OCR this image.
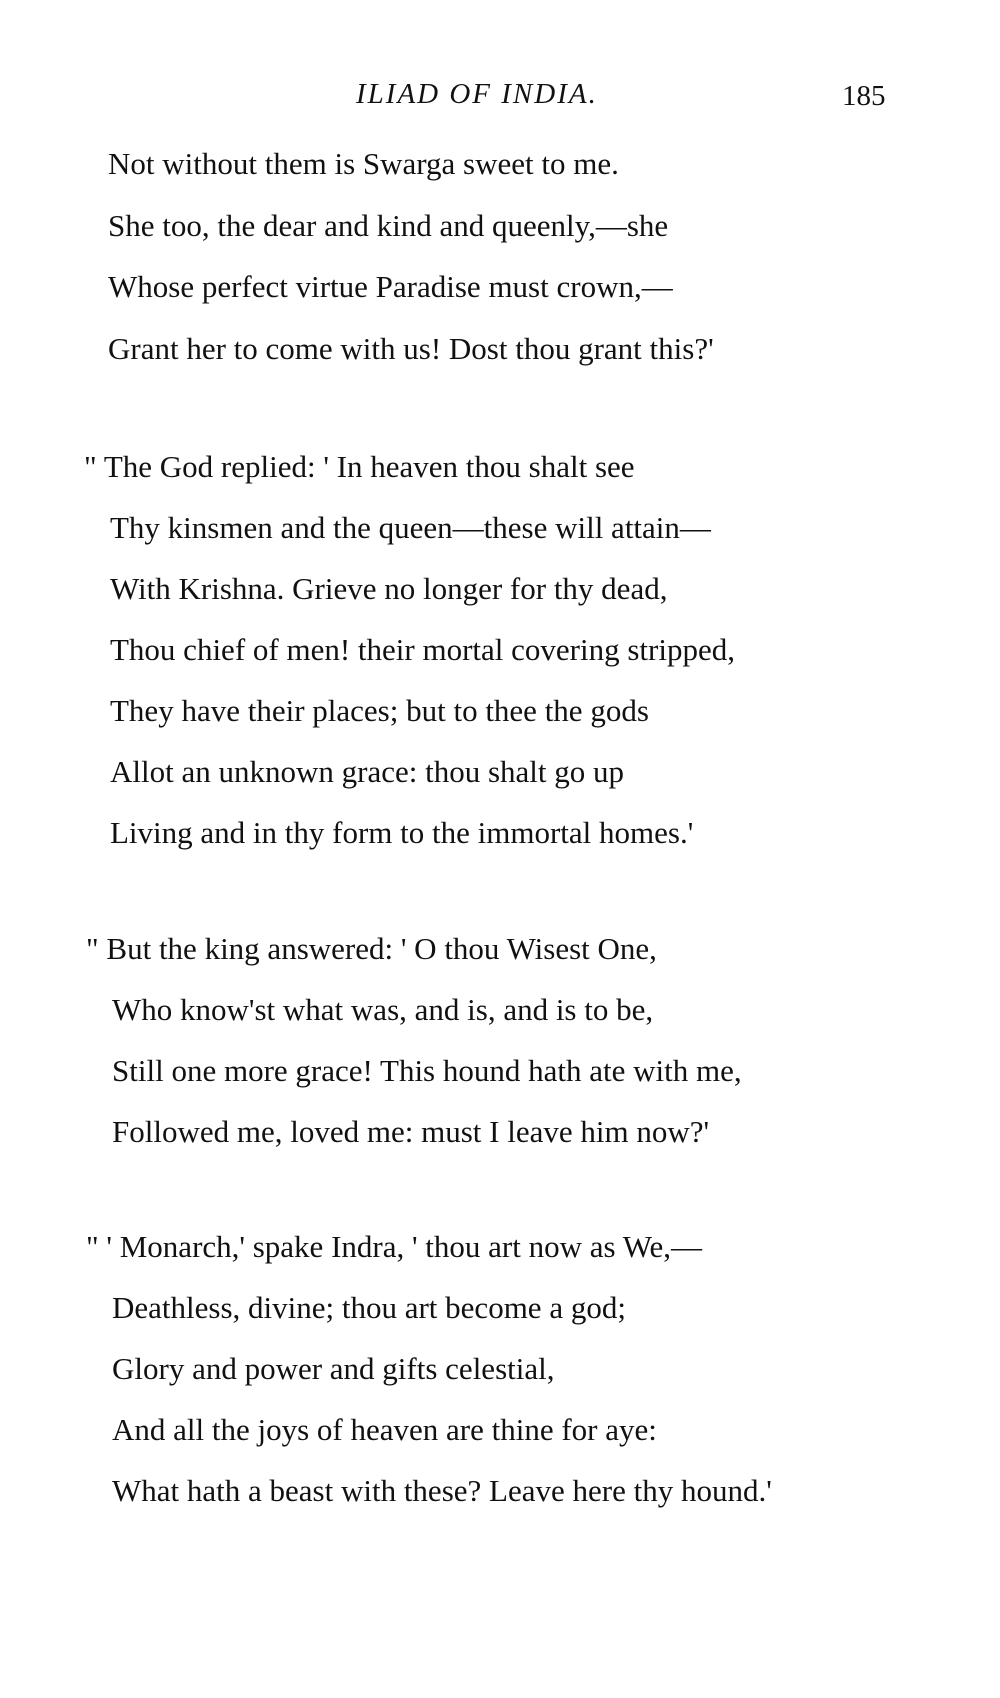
ILIAD OF INDIA.	185
Not without them is Swarga sweet to me.
She too, the dear and kind and queenly,—she
Whose perfect virtue Paradise must crown,—
Grant her to come with us! Dost thou grant this?'
" The God replied: ' In heaven thou shalt see
Thy kinsmen and the queen—these will attain—
With Krishna. Grieve no longer for thy dead,
Thou chief of men! their mortal covering stripped,
They have their places; but to thee the gods
Allot an unknown grace: thou shalt go up
Living and in thy form to the immortal homes.'
" But the king answered: ' O thou Wisest One,
Who know'st what was, and is, and is to be,
Still one more grace! This hound hath ate with me,
Followed me, loved me: must I leave him now?'
" ' Monarch,' spake Indra, ' thou art now as We,—
Deathless, divine; thou art become a god;
Glory and power and gifts celestial,
And all the joys of heaven are thine for aye:
What hath a beast with these? Leave here thy hound.'
